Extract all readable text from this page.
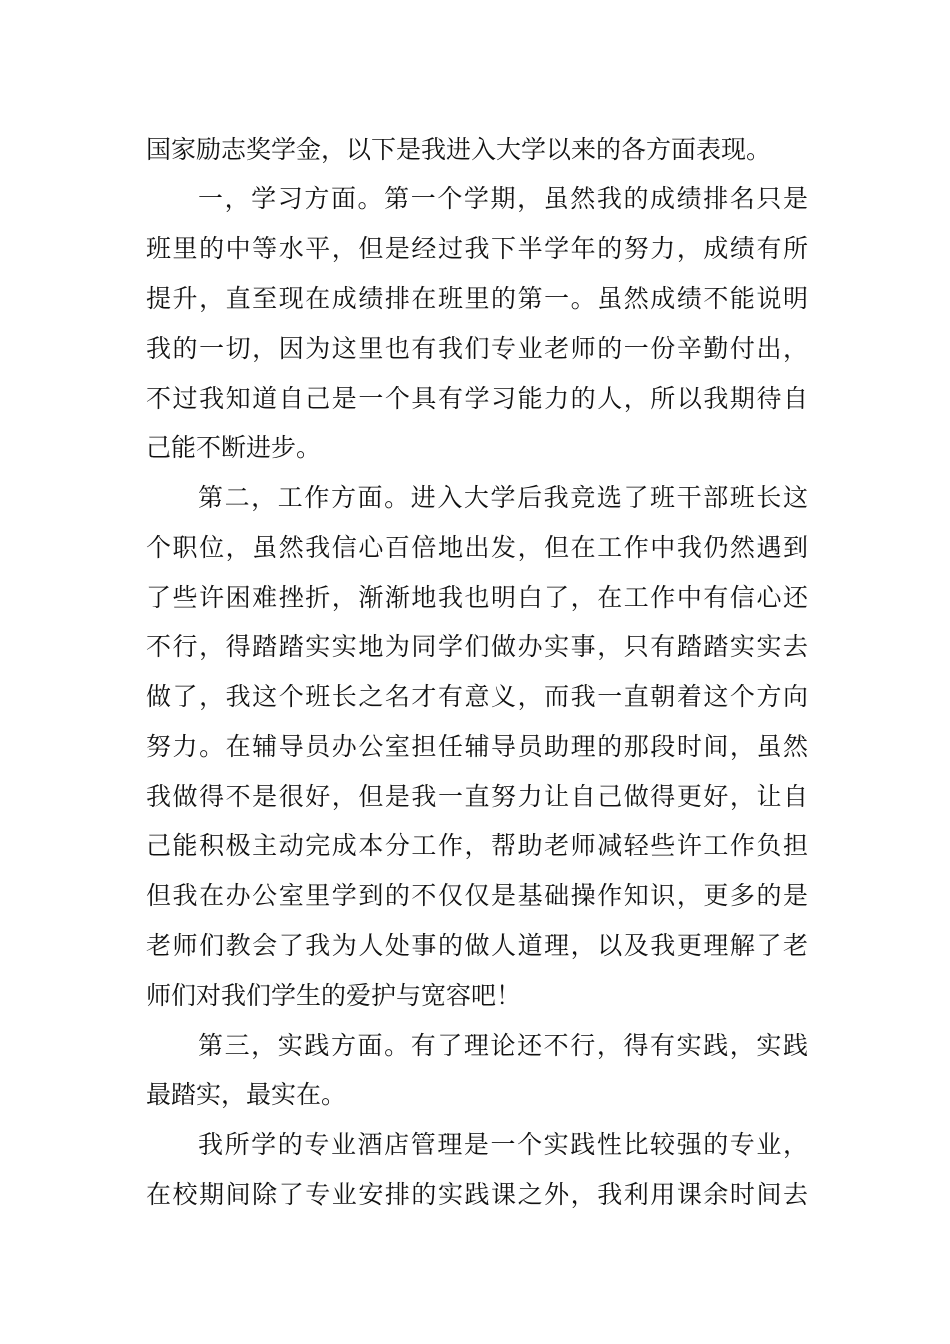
国家励志奖学金，以下是我进入大学以来的各方面表现。
一，学习方面。第一个学期，虽然我的成绩排名只是
班里的中等水平，但是经过我下半学年的努力，成绩有所
提升，直至现在成绩排在班里的第一。虽然成绩不能说明
我的一切，因为这里也有我们专业老师的一份辛勤付出，
不过我知道自己是一个具有学习能力的人，所以我期待自
己能不断进步。
第二，工作方面。进入大学后我竞选了班干部班长这
个职位，虽然我信心百倍地出发，但在工作中我仍然遇到
了些许困难挫折，渐渐地我也明白了，在工作中有信心还
不行，得踏踏实实地为同学们做办实事，只有踏踏实实去
做了，我这个班长之名才有意义，而我一直朝着这个方向
努力。在辅导员办公室担任辅导员助理的那段时间，虽然
我做得不是很好，但是我一直努力让自己做得更好，让自
己能积极主动完成本分工作，帮助老师减轻些许工作负担
但我在办公室里学到的不仅仅是基础操作知识，更多的是
老师们教会了我为人处事的做人道理，以及我更理解了老
师们对我们学生的爱护与宽容吧！
第三，实践方面。有了理论还不行，得有实践，实践
最踏实，最实在。
我所学的专业酒店管理是一个实践性比较强的专业，
在校期间除了专业安排的实践课之外，我利用课余时间去
